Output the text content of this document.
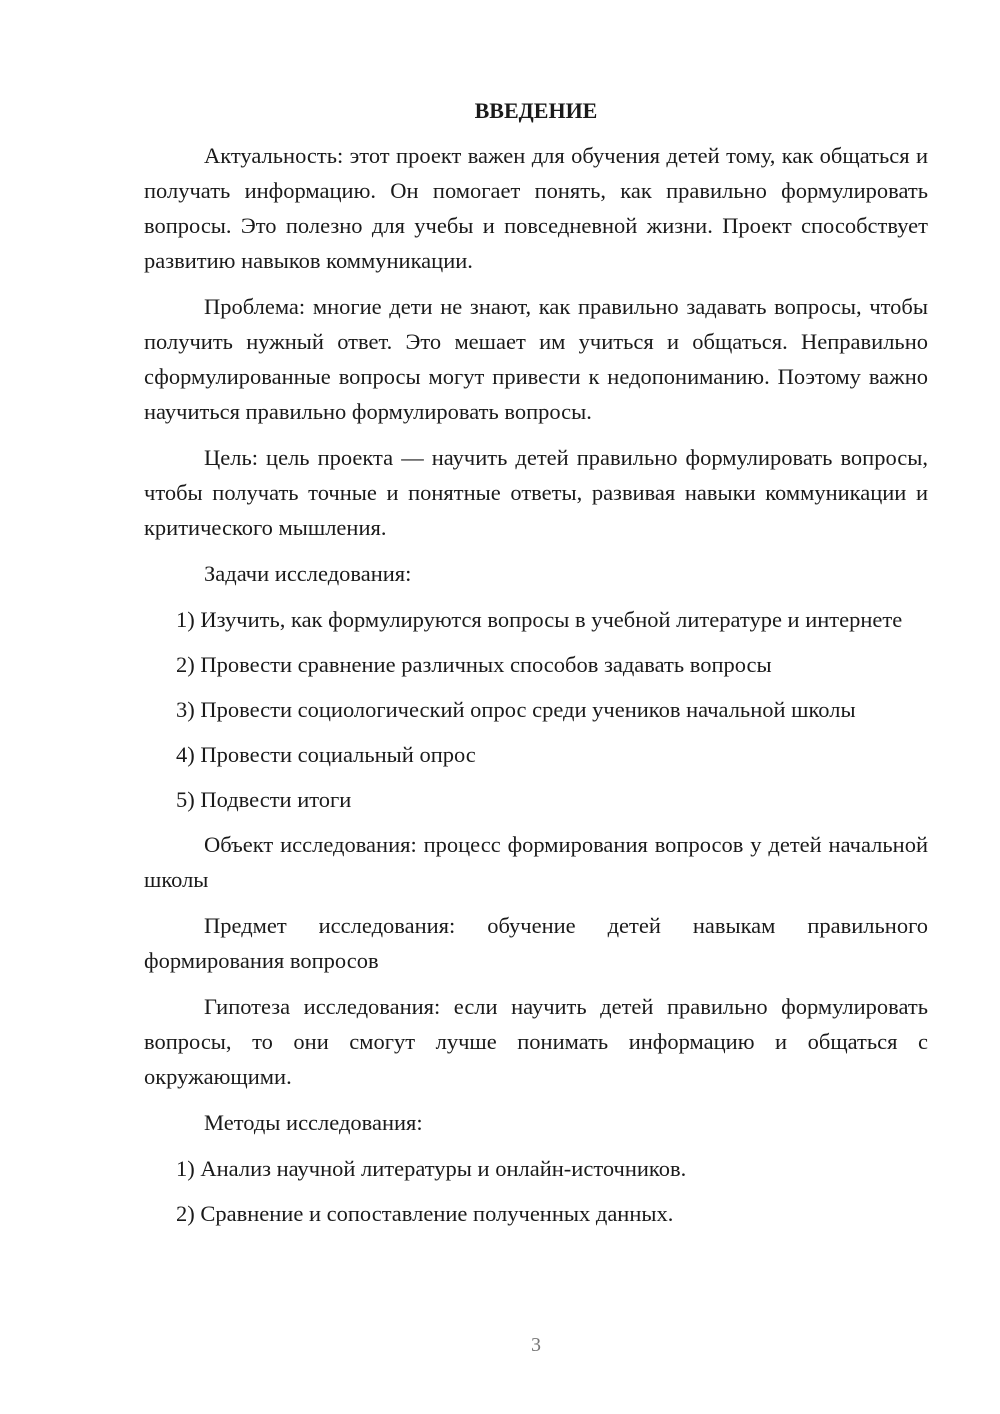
ВВЕДЕНИЕ

Актуальность: этот проект важен для обучения детей тому, как общаться и получать информацию. Он помогает понять, как правильно формулировать вопросы. Это полезно для учебы и повседневной жизни. Проект способствует развитию навыков коммуникации.

Проблема: многие дети не знают, как правильно задавать вопросы, чтобы получить нужный ответ. Это мешает им учиться и общаться. Неправильно сформулированные вопросы могут привести к недопониманию. Поэтому важно научиться правильно формулировать вопросы.

Цель: цель проекта — научить детей правильно формулировать вопросы, чтобы получать точные и понятные ответы, развивая навыки коммуникации и критического мышления.

Задачи исследования:

1) Изучить, как формулируются вопросы в учебной литературе и интернете

2) Провести сравнение различных способов задавать вопросы

3) Провести социологический опрос среди учеников начальной школы

4) Провести социальный опрос

5) Подвести итоги

Объект исследования: процесс формирования вопросов у детей начальной школы

Предмет исследования: обучение детей навыкам правильного формирования вопросов

Гипотеза исследования: если научить детей правильно формулировать вопросы, то они смогут лучше понимать информацию и общаться с окружающими.

Методы исследования:

1) Анализ научной литературы и онлайн-источников.

2) Сравнение и сопоставление полученных данных.

3
